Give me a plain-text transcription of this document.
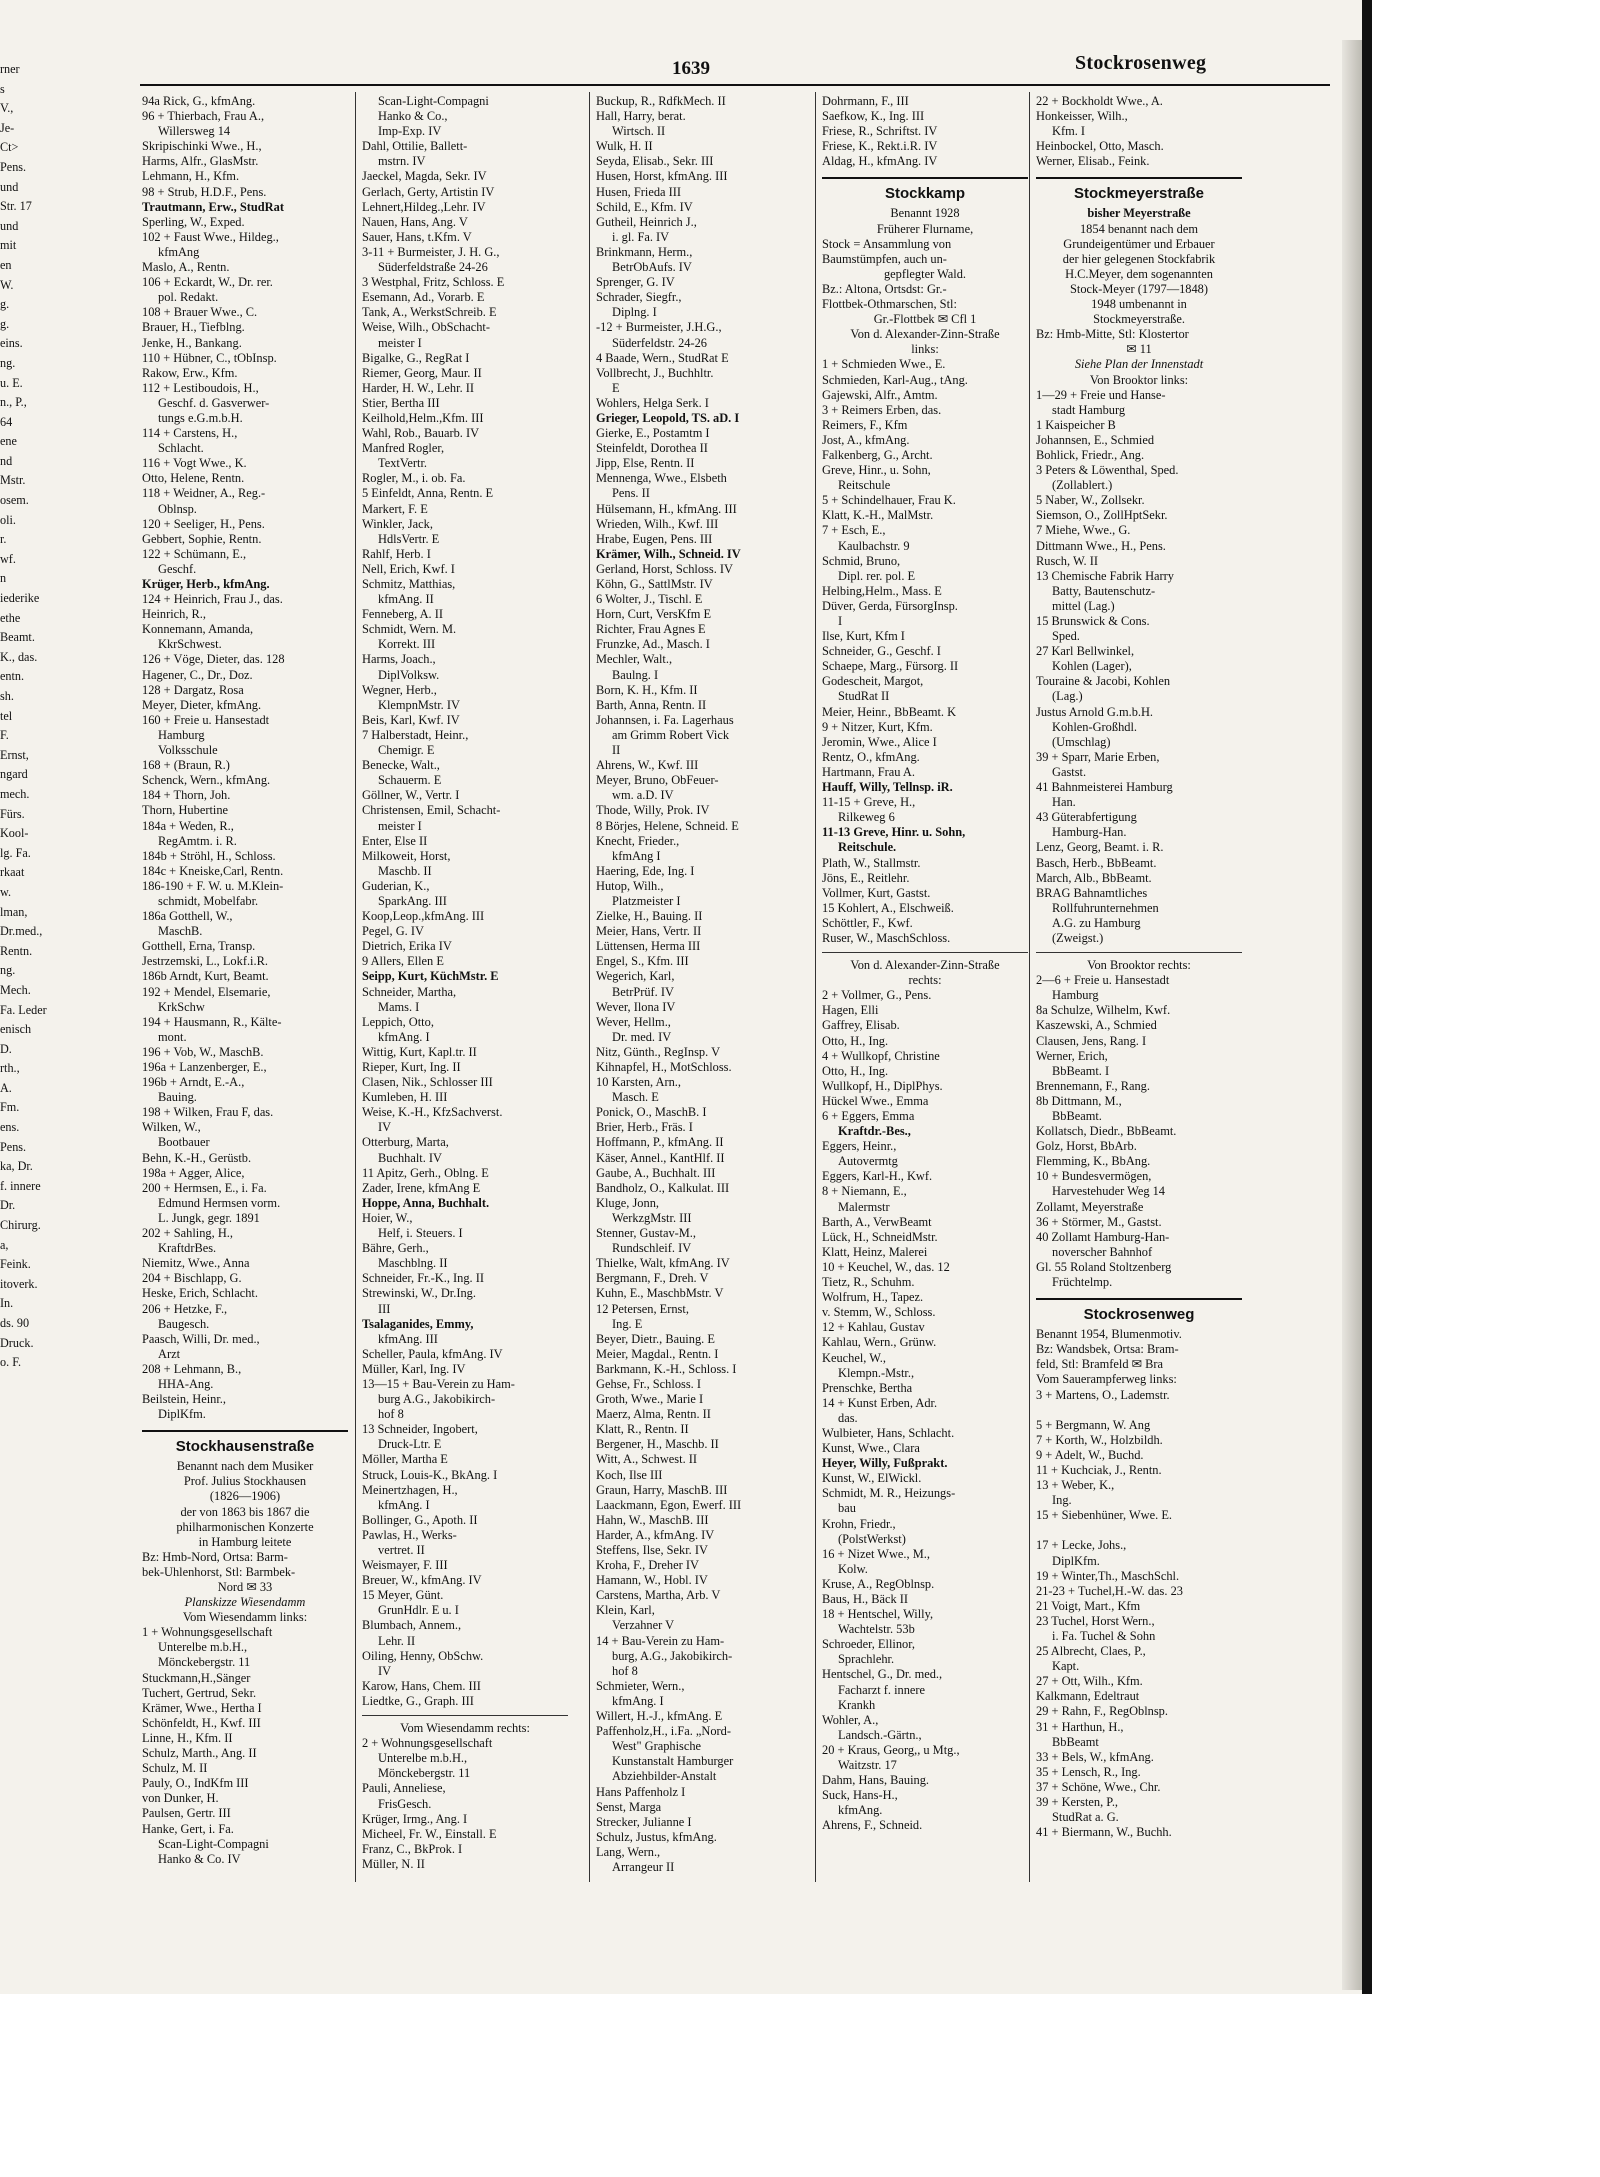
rner
s
V.,
Je-
Ct>
Pens.
und
Str. 17
und
mit
en
W.
g.
g.
eins.
ng.
u. E.
n., P.,
64
ene
nd
Mstr.
osem.
oli.
r.
wf.
n
iederike
ethe
Beamt.
K., das.
entn.
sh.
tel
F.
Ernst,
ngard
mech.
Fürs.
Kool-
lg. Fa.
rkaat
w.
lman,
Dr.med.,
Rentn.
ng.
Mech.
Fa. Leder
enisch
D.
rth.,
A.
Fm.
ens.
Pens.
ka, Dr.
f. innere
Dr.
Chirurg.
a,
Feink.
itoverk.
In.
ds. 90
Druck.
o. F.
1639	Stockrosenweg
94a Rick, G., kfmAng.
96 + Thierbach, Frau A.,
Willersweg 14
Skripischinki Wwe., H.,
Harms, Alfr., GlasMstr.
Lehmann, H., Kfm.
98 + Strub, H.D.F., Pens.
Trautmann, Erw., StudRat
Sperling, W., Exped.
102 + Faust Wwe., Hildeg.,
kfmAng
Maslo, A., Rentn.
106 + Eckardt, W., Dr. rer.
pol. Redakt.
108 + Brauer Wwe., C.
Brauer, H., Tiefblng.
Jenke, H., Bankang.
110 + Hübner, C., tObInsp.
Rakow, Erw., Kfm.
112 + Lestiboudois, H.,
Geschf. d. Gasverwer-
tungs e.G.m.b.H.
114 + Carstens, H.,
Schlacht.
116 + Vogt Wwe., K.
Otto, Helene, Rentn.
118 + Weidner, A., Reg.-
Oblnsp.
120 + Seeliger, H., Pens.
Gebbert, Sophie, Rentn.
122 + Schümann, E.,
Geschf.
Krüger, Herb., kfmAng.
124 + Heinrich, Frau J., das.
Heinrich, R.,
Konnemann, Amanda,
KkrSchwest.
126 + Vöge, Dieter, das. 128
Hagener, C., Dr., Doz.
128 + Dargatz, Rosa
Meyer, Dieter, kfmAng.
160 + Freie u. Hansestadt
Hamburg
Volksschule
168 + (Braun, R.)
Schenck, Wern., kfmAng.
184 + Thorn, Joh.
Thorn, Hubertine
184a + Weden, R.,
RegAmtm. i. R.
184b + Ströhl, H., Schloss.
184c + Kneiske,Carl, Rentn.
186-190 + F. W. u. M.Klein-
schmidt, Mobelfabr.
186a Gotthell, W.,
MaschB.
Gotthell, Erna, Transp.
Jestrzemski, L., Lokf.i.R.
186b Arndt, Kurt, Beamt.
192 + Mendel, Elsemarie,
KrkSchw
194 + Hausmann, R., Kälte-
mont.
196 + Vob, W., MaschB.
196a + Lanzenberger, E.,
196b + Arndt, E.-A.,
Bauing.
198 + Wilken, Frau F, das.
Wilken, W.,
Bootbauer
Behn, K.-H., Gerüstb.
198a + Agger, Alice,
200 + Hermsen, E., i. Fa.
Edmund Hermsen vorm.
L. Jungk, gegr. 1891
202 + Sahling, H.,
KraftdrBes.
Niemitz, Wwe., Anna
204 + Bischlapp, G.
Heske, Erich, Schlacht.
206 + Hetzke, F.,
Baugesch.
Paasch, Willi, Dr. med.,
Arzt
208 + Lehmann, B.,
HHA-Ang.
Beilstein, Heinr.,
DiplKfm.
Stockhausenstraße
Benannt nach dem Musiker
Prof. Julius Stockhausen
(1826—1906)
der von 1863 bis 1867 die
philharmonischen Konzerte
in Hamburg leitete
Bz: Hmb-Nord, Ortsa: Barm-
bek-Uhlenhorst, Stl: Barmbek-
Nord ✉ 33
Planskizze Wiesendamm
Vom Wiesendamm links:
1 + Wohnungsgesellschaft
Unterelbe m.b.H.,
Mönckebergstr. 11
Stuckmann,H.,Sänger
Tuchert, Gertrud, Sekr.
Krämer, Wwe., Hertha I
Schönfeldt, H., Kwf. III
Linne, H., Kfm. II
Schulz, Marth., Ang. II
Schulz, M. II
Pauly, O., IndKfm III
von Dunker, H.
Paulsen, Gertr. III
Hanke, Gert, i. Fa.
Scan-Light-Compagni
Hanko & Co. IV
Scan-Light-Compagni
Hanko & Co.,
Imp-Exp. IV
Dahl, Ottilie, Ballett-
mstrn. IV
Jaeckel, Magda, Sekr. IV
Gerlach, Gerty, Artistin IV
Lehnert,Hildeg.,Lehr. IV
Nauen, Hans, Ang. V
Sauer, Hans, t.Kfm. V
3-11 + Burmeister, J. H. G.,
Süderfeldstraße 24-26
3 Westphal, Fritz, Schloss. E
Esemann, Ad., Vorarb. E
Tank, A., WerkstSchreib. E
Weise, Wilh., ObSchacht-
meister I
Bigalke, G., RegRat I
Riemer, Georg, Maur. II
Harder, H. W., Lehr. II
Stier, Bertha III
Keilhold,Helm.,Kfm. III
Wahl, Rob., Bauarb. IV
Manfred Rogler,
TextVertr.
Rogler, M., i. ob. Fa.
5 Einfeldt, Anna, Rentn. E
Markert, F. E
Winkler, Jack,
HdlsVertr. E
Rahlf, Herb. I
Nell, Erich, Kwf. I
Schmitz, Matthias,
kfmAng. II
Fenneberg, A. II
Schmidt, Wern. M.
Korrekt. III
Harms, Joach.,
DiplVolksw.
Wegner, Herb.,
KlempnMstr. IV
Beis, Karl, Kwf. IV
7 Halberstadt, Heinr.,
Chemigr. E
Benecke, Walt.,
Schauerm. E
Göllner, W., Vertr. I
Christensen, Emil, Schacht-
meister I
Enter, Else II
Milkoweit, Horst,
Maschb. II
Guderian, K.,
SparkAng. III
Koop,Leop.,kfmAng. III
Pegel, G. IV
Dietrich, Erika IV
9 Allers, Ellen E
Seipp, Kurt, KüchMstr. E
Schneider, Martha,
Mams. I
Leppich, Otto,
kfmAng. I
Wittig, Kurt, Kapl.tr. II
Rieper, Kurt, Ing. II
Clasen, Nik., Schlosser III
Kumleben, H. III
Weise, K.-H., KfzSachverst.
IV
Otterburg, Marta,
Buchhalt. IV
11 Apitz, Gerh., Oblng. E
Zader, Irene, kfmAng E
Hoppe, Anna, Buchhalt.
Hoier, W.,
Helf, i. Steuers. I
Bähre, Gerh.,
Maschblng. II
Schneider, Fr.-K., Ing. II
Strewinski, W., Dr.Ing.
III
Tsalaganides, Emmy,
kfmAng. III
Scheller, Paula, kfmAng. IV
Müller, Karl, Ing. IV
13—15 + Bau-Verein zu Ham-
burg A.G., Jakobikirch-
hof 8
13 Schneider, Ingobert,
Druck-Ltr. E
Möller, Martha E
Struck, Louis-K., BkAng. I
Meinertzhagen, H.,
kfmAng. I
Bollinger, G., Apoth. II
Pawlas, H., Werks-
vertret. II
Weismayer, F. III
Breuer, W., kfmAng. IV
15 Meyer, Günt.
GrunHdlr. E u. I
Blumbach, Annem.,
Lehr. II
Oiling, Henny, ObSchw.
IV
Karow, Hans, Chem. III
Liedtke, G., Graph. III
Vom Wiesendamm rechts:
2 + Wohnungsgesellschaft
Unterelbe m.b.H.,
Mönckebergstr. 11
Pauli, Anneliese,
FrisGesch.
Krüger, Irmg., Ang. I
Micheel, Fr. W., Einstall. E
Franz, C., BkProk. I
Müller, N. II
Buckup, R., RdfkMech. II
Hall, Harry, berat.
Wirtsch. II
Wulk, H. II
Seyda, Elisab., Sekr. III
Husen, Horst, kfmAng. III
Husen, Frieda III
Schild, E., Kfm. IV
Gutheil, Heinrich J.,
i. gl. Fa. IV
Brinkmann, Herm.,
BetrObAufs. IV
Sprenger, G. IV
Schrader, Siegfr.,
Diplng. I
-12 + Burmeister, J.H.G.,
Süderfeldstr. 24-26
4 Baade, Wern., StudRat E
Vollbrecht, J., Buchhltr.
E
Wohlers, Helga Serk. I
Grieger, Leopold, TS. aD. I
Gierke, E., Postamtm I
Steinfeldt, Dorothea II
Jipp, Else, Rentn. II
Mennenga, Wwe., Elsbeth
Pens. II
Hülsemann, H., kfmAng. III
Wrieden, Wilh., Kwf. III
Hrabe, Eugen, Pens. III
Krämer, Wilh., Schneid. IV
Gerland, Horst, Schloss. IV
Köhn, G., SattlMstr. IV
6 Wolter, J., Tischl. E
Horn, Curt, VersKfm E
Richter, Frau Agnes E
Frunzke, Ad., Masch. I
Mechler, Walt.,
Baulng. I
Born, K. H., Kfm. II
Barth, Anna, Rentn. II
Johannsen, i. Fa. Lagerhaus
am Grimm Robert Vick
II
Ahrens, W., Kwf. III
Meyer, Bruno, ObFeuer-
wm. a.D. IV
Thode, Willy, Prok. IV
8 Börjes, Helene, Schneid. E
Knecht, Frieder.,
kfmAng I
Haering, Ede, Ing. I
Hutop, Wilh.,
Platzmeister I
Zielke, H., Bauing. II
Meier, Hans, Vertr. II
Lüttensen, Herma III
Engel, S., Kfm. III
Wegerich, Karl,
BetrPrüf. IV
Wever, Ilona IV
Wever, Hellm.,
Dr. med. IV
Nitz, Günth., RegInsp. V
Kihnapfel, H., MotSchloss.
10 Karsten, Arn.,
Masch. E
Ponick, O., MaschB. I
Brier, Herb., Fräs. I
Hoffmann, P., kfmAng. II
Käser, Annel., KantHlf. II
Gaube, A., Buchhalt. III
Bandholz, O., Kalkulat. III
Kluge, Jonn,
WerkzgMstr. III
Stenner, Gustav-M.,
Rundschleif. IV
Thielke, Walt, kfmAng. IV
Bergmann, F., Dreh. V
Kuhn, E., MaschbMstr. V
12 Petersen, Ernst,
Ing. E
Beyer, Dietr., Bauing. E
Meier, Magdal., Rentn. I
Barkmann, K.-H., Schloss. I
Gehse, Fr., Schloss. I
Groth, Wwe., Marie I
Maerz, Alma, Rentn. II
Klatt, R., Rentn. II
Bergener, H., Maschb. II
Witt, A., Schwest. II
Koch, Ilse III
Graun, Harry, MaschB. III
Laackmann, Egon, Ewerf. III
Hahn, W., MaschB. III
Harder, A., kfmAng. IV
Steffens, Ilse, Sekr. IV
Kroha, F., Dreher IV
Hamann, W., Hobl. IV
Carstens, Martha, Arb. V
Klein, Karl,
Verzahner V
14 + Bau-Verein zu Ham-
burg, A.G., Jakobikirch-
hof 8
Schmieter, Wern.,
kfmAng. I
Willert, H.-J., kfmAng. E
Paffenholz,H., i.Fa. „Nord-
West" Graphische
Kunstanstalt Hamburger
Abziehbilder-Anstalt
Hans Paffenholz I
Senst, Marga
Strecker, Julianne I
Schulz, Justus, kfmAng.
Lang, Wern.,
Arrangeur II
Dohrmann, F., III
Saefkow, K., Ing. III
Friese, R., Schriftst. IV
Friese, K., Rekt.i.R. IV
Aldag, H., kfmAng. IV
Stockkamp
Benannt 1928
Früherer Flurname,
Stock = Ansammlung von
Baumstümpfen, auch un-
gepflegter Wald.
Bz.: Altona, Ortsdst: Gr.-
Flottbek-Othmarschen, Stl:
Gr.-Flottbek ✉ Cfl 1
Von d. Alexander-Zinn-Straße
links:
1 + Schmieden Wwe., E.
Schmieden, Karl-Aug., tAng.
Gajewski, Alfr., Amtm.
3 + Reimers Erben, das.
Reimers, F., Kfm
Jost, A., kfmAng.
Falkenberg, G., Archt.
Greve, Hinr., u. Sohn,
Reitschule
5 + Schindelhauer, Frau K.
Klatt, K.-H., MalMstr.
7 + Esch, E.,
Kaulbachstr. 9
Schmid, Bruno,
Dipl. rer. pol. E
Helbing,Helm., Mass. E
Düver, Gerda, FürsorgInsp.
I
Ilse, Kurt, Kfm I
Schneider, G., Geschf. I
Schaepe, Marg., Fürsorg. II
Godescheit, Margot,
StudRat II
Meier, Heinr., BbBeamt. K
9 + Nitzer, Kurt, Kfm.
Jeromin, Wwe., Alice I
Rentz, O., kfmAng.
Hartmann, Frau A.
Hauff, Willy, Tellnsp. iR.
11-15 + Greve, H.,
Rilkeweg 6
11-13 Greve, Hinr. u. Sohn,
Reitschule.
Plath, W., Stallmstr.
Jöns, E., Reitlehr.
Vollmer, Kurt, Gastst.
15 Kohlert, A., Elschweiß.
Schöttler, F., Kwf.
Ruser, W., MaschSchloss.
Von d. Alexander-Zinn-Straße
rechts:
2 + Vollmer, G., Pens.
Hagen, Elli
Gaffrey, Elisab.
Otto, H., Ing.
4 + Wullkopf, Christine
Otto, H., Ing.
Wullkopf, H., DiplPhys.
Hückel Wwe., Emma
6 + Eggers, Emma
Kraftdr.-Bes.,
Eggers, Heinr.,
Autovermtg
Eggers, Karl-H., Kwf.
8 + Niemann, E.,
Malermstr
Barth, A., VerwBeamt
Lück, H., SchneidMstr.
Klatt, Heinz, Malerei
10 + Keuchel, W., das. 12
Tietz, R., Schuhm.
Wolfrum, H., Tapez.
v. Stemm, W., Schloss.
12 + Kahlau, Gustav
Kahlau, Wern., Grünw.
Keuchel, W.,
Klempn.-Mstr.,
Prenschke, Bertha
14 + Kunst Erben, Adr.
das.
Wulbieter, Hans, Schlacht.
Kunst, Wwe., Clara
Heyer, Willy, Fußprakt.
Kunst, W., ElWickl.
Schmidt, M. R., Heizungs-
bau
Krohn, Friedr.,
(PolstWerkst)
16 + Nizet Wwe., M.,
Kolw.
Kruse, A., RegOblnsp.
Baus, H., Bäck II
18 + Hentschel, Willy,
Wachtelstr. 53b
Schroeder, Ellinor,
Sprachlehr.
Hentschel, G., Dr. med.,
Facharzt f. innere
Krankh
Wohler, A.,
Landsch.-Gärtn.,
20 + Kraus, Georg,, u Mtg.,
Waitzstr. 17
Dahm, Hans, Bauing.
Suck, Hans-H.,
kfmAng.
Ahrens, F., Schneid.
22 + Bockholdt Wwe., A.
Honkeisser, Wilh.,
Kfm. I
Heinbockel, Otto, Masch.
Werner, Elisab., Feink.
Stockmeyerstraße
bisher Meyerstraße
1854 benannt nach dem
Grundeigentümer und Erbauer
der hier gelegenen Stockfabrik
H.C.Meyer, dem sogenannten
Stock-Meyer (1797—1848)
1948 umbenannt in
Stockmeyerstraße.
Bz: Hmb-Mitte, Stl: Klostertor
✉ 11
Siehe Plan der Innenstadt
Von Brooktor links:
1—29 + Freie und Hanse-
stadt Hamburg
1 Kaispeicher B
Johannsen, E., Schmied
Bohlick, Friedr., Ang.
3 Peters & Löwenthal, Sped.
(Zollablert.)
5 Naber, W., Zollsekr.
Siemson, O., ZollHptSekr.
7 Miehe, Wwe., G.
Dittmann Wwe., H., Pens.
Rusch, W. II
13 Chemische Fabrik Harry
Batty, Bautenschutz-
mittel (Lag.)
15 Brunswick & Cons.
Sped.
27 Karl Bellwinkel,
Kohlen (Lager),
Touraine & Jacobi, Kohlen
(Lag.)
Justus Arnold G.m.b.H.
Kohlen-Großhdl.
(Umschlag)
39 + Sparr, Marie Erben,
Gastst.
41 Bahnmeisterei Hamburg
Han.
43 Güterabfertigung
Hamburg-Han.
Lenz, Georg, Beamt. i. R.
Basch, Herb., BbBeamt.
March, Alb., BbBeamt.
BRAG Bahnamtliches
Rollfuhrunternehmen
A.G. zu Hamburg
(Zweigst.)
Von Brooktor rechts:
2—6 + Freie u. Hansestadt
Hamburg
8a Schulze, Wilhelm, Kwf.
Kaszewski, A., Schmied
Clausen, Jens, Rang. I
Werner, Erich,
BbBeamt. I
Brennemann, F., Rang.
8b Dittmann, M.,
BbBeamt.
Kollatsch, Diedr., BbBeamt.
Golz, Horst, BbArb.
Flemming, K., BbAng.
10 + Bundesvermögen,
Harvestehuder Weg 14
Zollamt, Meyerstraße
36 + Störmer, M., Gastst.
40 Zollamt Hamburg-Han-
noverscher Bahnhof
Gl. 55 Roland Stoltzenberg
Früchtelmp.
Stockrosenweg
Benannt 1954, Blumenmotiv.
Bz: Wandsbek, Ortsa: Bram-
feld, Stl: Bramfeld ✉ Bra
Vom Sauerampferweg links:
3 + Martens, O., Lademstr.

5 + Bergmann, W. Ang
7 + Korth, W., Holzbildh.
9 + Adelt, W., Buchd.
11 + Kuchciak, J., Rentn.
13 + Weber, K.,
Ing.
15 + Siebenhüner, Wwe. E.

17 + Lecke, Johs.,
DiplKfm.
19 + Winter,Th., MaschSchl.
21-23 + Tuchel,H.-W. das. 23
21 Voigt, Mart., Kfm
23 Tuchel, Horst Wern.,
i. Fa. Tuchel & Sohn
25 Albrecht, Claes, P.,
Kapt.
27 + Ott, Wilh., Kfm.
Kalkmann, Edeltraut
29 + Rahn, F., RegOblnsp.
31 + Harthun, H.,
BbBeamt
33 + Bels, W., kfmAng.
35 + Lensch, R., Ing.
37 + Schöne, Wwe., Chr.
39 + Kersten, P.,
StudRat a. G.
41 + Biermann, W., Buchh.
